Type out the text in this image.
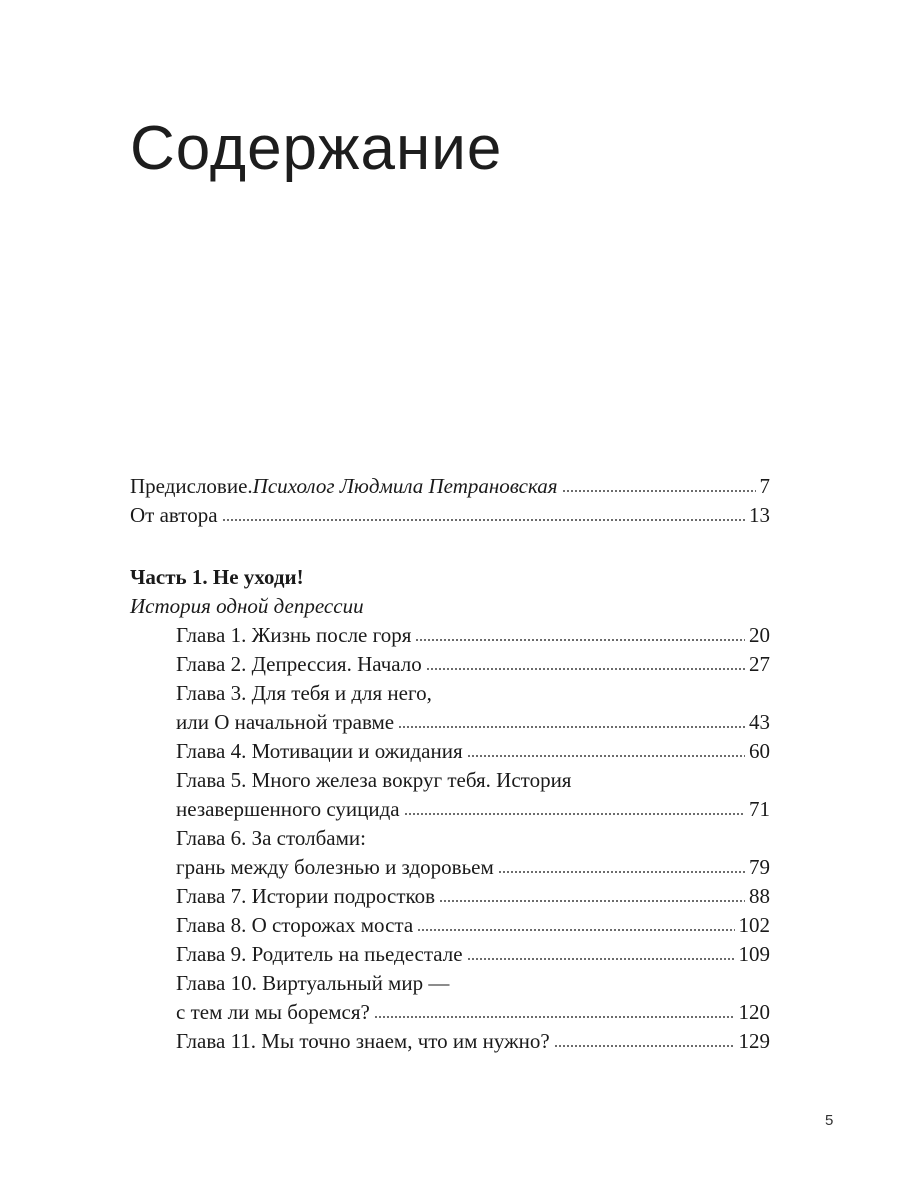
Содержание
Предисловие. Психолог Людмила Петрановская	7
От автора	13
Часть 1. Не уходи!
История одной депрессии
Глава 1. Жизнь после горя	20
Глава 2. Депрессия. Начало	27
Глава 3. Для тебя и для него,
или О начальной травме	43
Глава 4. Мотивации и ожидания	60
Глава 5. Много железа вокруг тебя. История
незавершенного суицида	71
Глава 6. За столбами:
грань между болезнью и здоровьем	79
Глава 7. Истории подростков	88
Глава 8. О сторожах моста	102
Глава 9. Родитель на пьедестале	109
Глава 10. Виртуальный мир —
с тем ли мы боремся?	120
Глава 11. Мы точно знаем, что им нужно?	129
5
